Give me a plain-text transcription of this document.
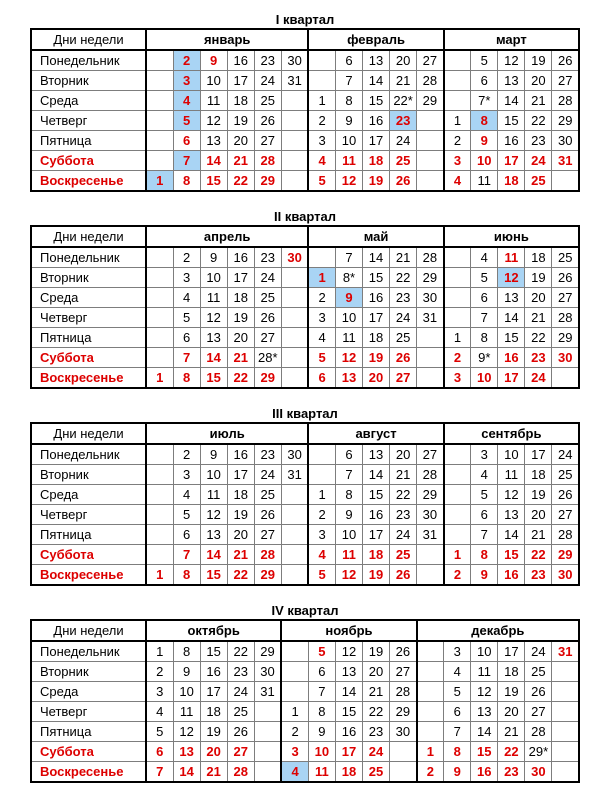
I квартал
Дни недели	январь						февраль					март				
Понедельник		2	9	16	23	30		6	13	20	27		5	12	19	26
Вторник		3	10	17	24	31		7	14	21	28		6	13	20	27
Среда		4	11	18	25		1	8	15	22*	29		7*	14	21	28
Четверг		5	12	19	26		2	9	16	23		1	8	15	22	29
Пятница		6	13	20	27		3	10	17	24		2	9	16	23	30
Суббота		7	14	21	28		4	11	18	25		3	10	17	24	31
Воскресенье	1	8	15	22	29		5	12	19	26		4	11	18	25	
II квартал
Дни недели	апрель						май					июнь				
Понедельник		2	9	16	23	30		7	14	21	28		4	11	18	25
Вторник		3	10	17	24		1	8*	15	22	29		5	12	19	26
Среда		4	11	18	25		2	9	16	23	30		6	13	20	27
Четверг		5	12	19	26		3	10	17	24	31		7	14	21	28
Пятница		6	13	20	27		4	11	18	25		1	8	15	22	29
Суббота		7	14	21	28*		5	12	19	26		2	9*	16	23	30
Воскресенье	1	8	15	22	29		6	13	20	27		3	10	17	24	
III квартал
Дни недели	июль						август					сентябрь				
Понедельник		2	9	16	23	30		6	13	20	27		3	10	17	24
Вторник		3	10	17	24	31		7	14	21	28		4	11	18	25
Среда		4	11	18	25		1	8	15	22	29		5	12	19	26
Четверг		5	12	19	26		2	9	16	23	30		6	13	20	27
Пятница		6	13	20	27		3	10	17	24	31		7	14	21	28
Суббота		7	14	21	28		4	11	18	25		1	8	15	22	29
Воскресенье	1	8	15	22	29		5	12	19	26		2	9	16	23	30
IV квартал
Дни недели	октябрь					ноябрь					декабрь					
Понедельник	1	8	15	22	29		5	12	19	26		3	10	17	24	31
Вторник	2	9	16	23	30		6	13	20	27		4	11	18	25	
Среда	3	10	17	24	31		7	14	21	28		5	12	19	26	
Четверг	4	11	18	25		1	8	15	22	29		6	13	20	27	
Пятница	5	12	19	26		2	9	16	23	30		7	14	21	28	
Суббота	6	13	20	27		3	10	17	24		1	8	15	22	29*	
Воскресенье	7	14	21	28		4	11	18	25		2	9	16	23	30	
